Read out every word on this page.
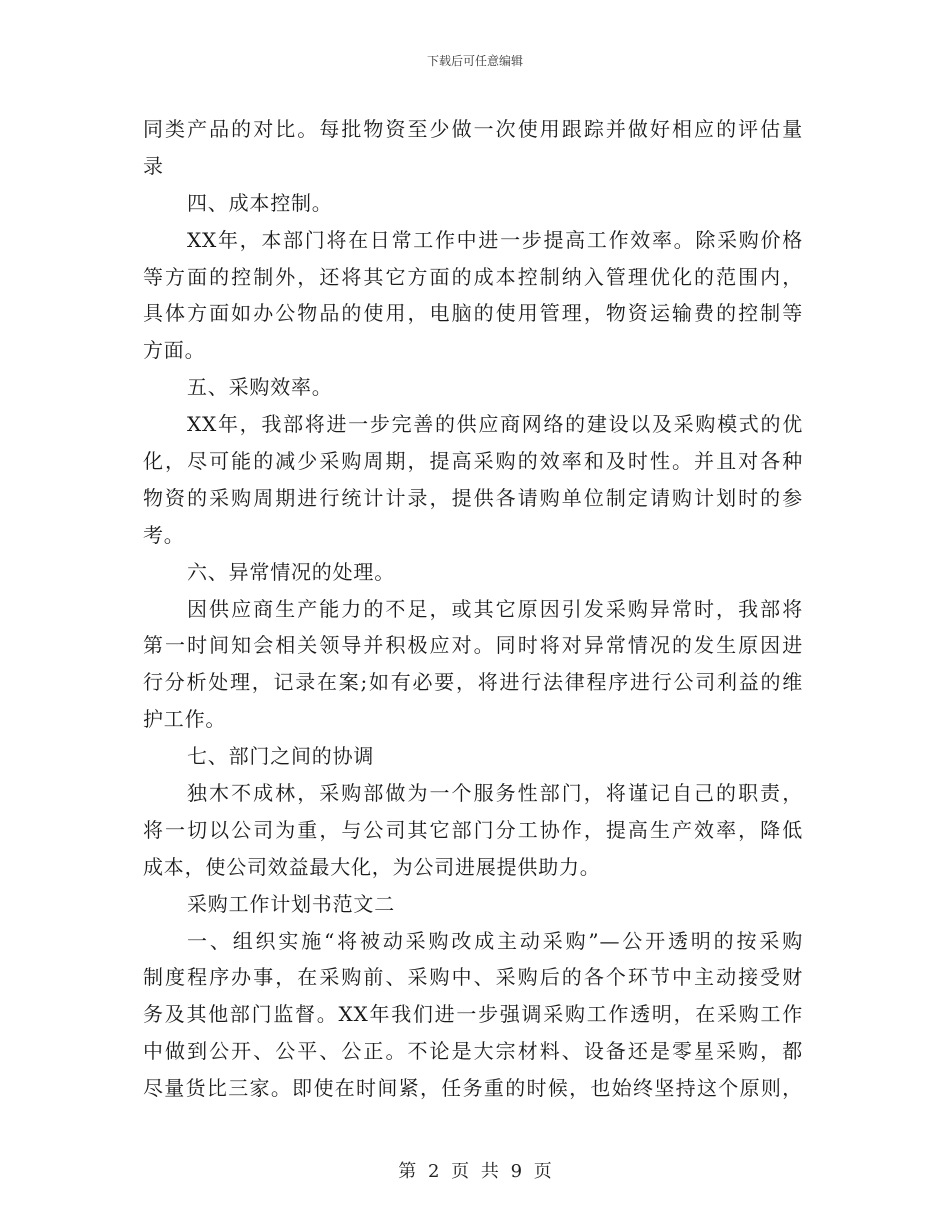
下载后可任意编辑
同类产品的对比。每批物资至少做一次使用跟踪并做好相应的评估量
录
四、成本控制。
XX年，本部门将在日常工作中进一步提高工作效率。除采购价格
等方面的控制外，还将其它方面的成本控制纳入管理优化的范围内，
具体方面如办公物品的使用，电脑的使用管理，物资运输费的控制等
方面。
五、采购效率。
XX年，我部将进一步完善的供应商网络的建设以及采购模式的优
化，尽可能的减少采购周期，提高采购的效率和及时性。并且对各种
物资的采购周期进行统计计录，提供各请购单位制定请购计划时的参
考。
六、异常情况的处理。
因供应商生产能力的不足，或其它原因引发采购异常时，我部将
第一时间知会相关领导并积极应对。同时将对异常情况的发生原因进
行分析处理，记录在案;如有必要，将进行法律程序进行公司利益的维
护工作。
七、部门之间的协调
独木不成林，采购部做为一个服务性部门，将谨记自己的职责，
将一切以公司为重，与公司其它部门分工协作，提高生产效率，降低
成本，使公司效益最大化，为公司进展提供助力。
采购工作计划书范文二
一、组织实施“将被动采购改成主动采购”—公开透明的按采购
制度程序办事，在采购前、采购中、采购后的各个环节中主动接受财
务及其他部门监督。XX年我们进一步强调采购工作透明，在采购工作
中做到公开、公平、公正。不论是大宗材料、设备还是零星采购，都
尽量货比三家。即使在时间紧，任务重的时候，也始终坚持这个原则，
第 2 页 共 9 页
